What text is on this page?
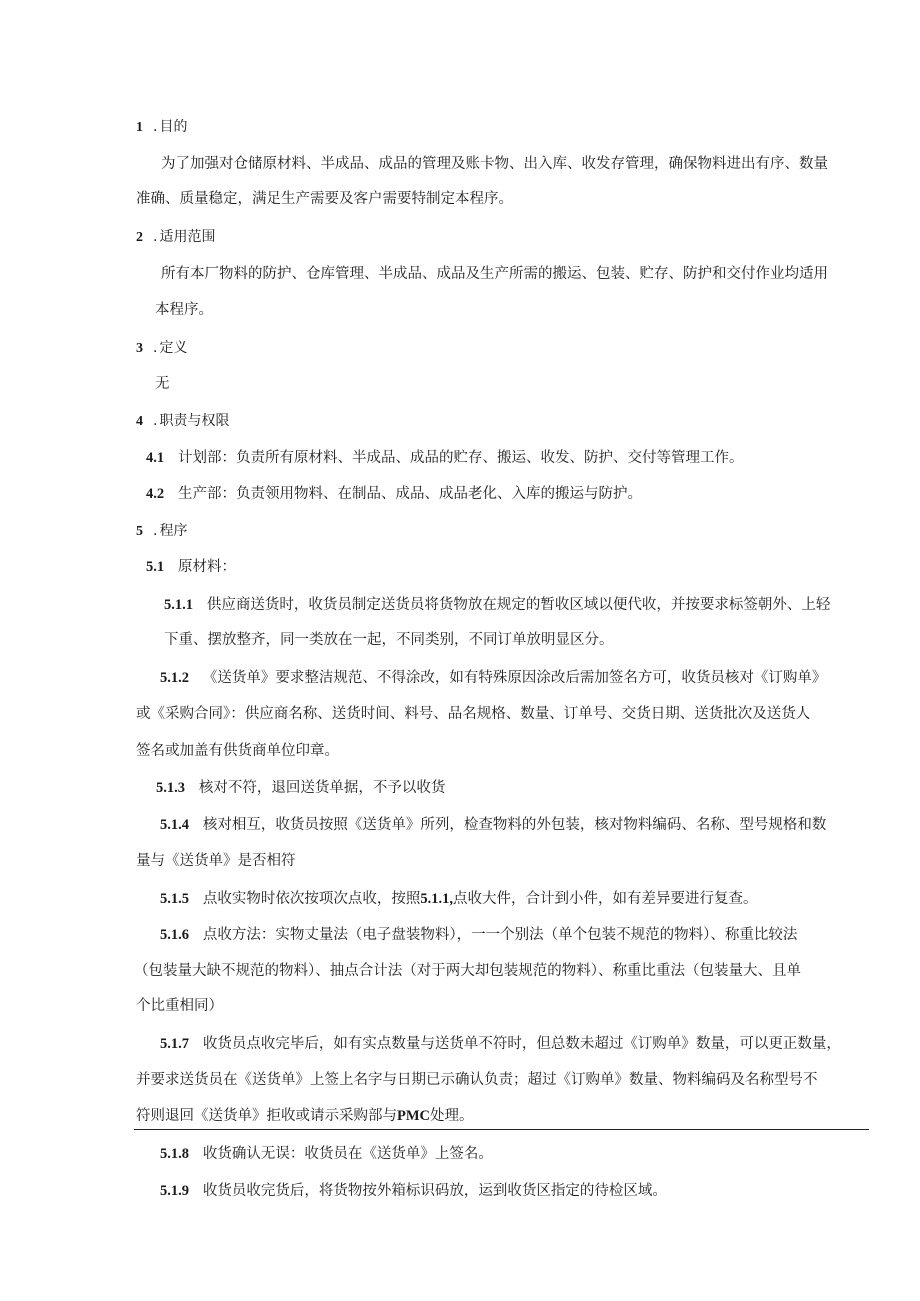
1 . 目的
为了加强对仓储原材料、半成品、成品的管理及账卡物、出入库、收发存管理，确保物料进出有序、数量
准确、质量稳定，满足生产需要及客户需要特制定本程序。
2 . 适用范围
所有本厂物料的防护、仓库管理、半成品、成品及生产所需的搬运、包装、贮存、防护和交付作业均适用
本程序。
3 . 定义
无
4 . 职责与权限
4.1 计划部：负责所有原材料、半成品、成品的贮存、搬运、收发、防护、交付等管理工作。
4.2 生产部：负责领用物料、在制品、成品、成品老化、入库的搬运与防护。
5 . 程序
5.1 原材料：
5.1.1 供应商送货时，收货员制定送货员将货物放在规定的暂收区域以便代收，并按要求标签朝外、上轻
下重、摆放整齐，同一类放在一起，不同类别，不同订单放明显区分。
5.1.2 《送货单》要求整洁规范、不得涂改，如有特殊原因涂改后需加签名方可，收货员核对《订购单》
或《采购合同》：供应商名称、送货时间、料号、品名规格、数量、订单号、交货日期、送货批次及送货人
签名或加盖有供货商单位印章。
5.1.3 核对不符，退回送货单据，不予以收货
5.1.4 核对相互，收货员按照《送货单》所列，检查物料的外包装，核对物料编码、名称、型号规格和数
量与《送货单》是否相符
5.1.5 点收实物时依次按项次点收，按照5.1.1,点收大件，合计到小件，如有差异要进行复查。
5.1.6 点收方法：实物丈量法（电子盘装物料），一一个别法（单个包装不规范的物料）、称重比较法
（包装量大缺不规范的物料）、抽点合计法（对于两大却包装规范的物料）、称重比重法（包装量大、且单
个比重相同）
5.1.7 收货员点收完毕后，如有实点数量与送货单不符时，但总数未超过《订购单》数量，可以更正数量，
并要求送货员在《送货单》上签上名字与日期已示确认负责；超过《订购单》数量、物料编码及名称型号不
符则退回《送货单》拒收或请示采购部与PMC处理。
5.1.8 收货确认无误：收货员在《送货单》上签名。
5.1.9 收货员收完货后，将货物按外箱标识码放，运到收货区指定的待检区域。
